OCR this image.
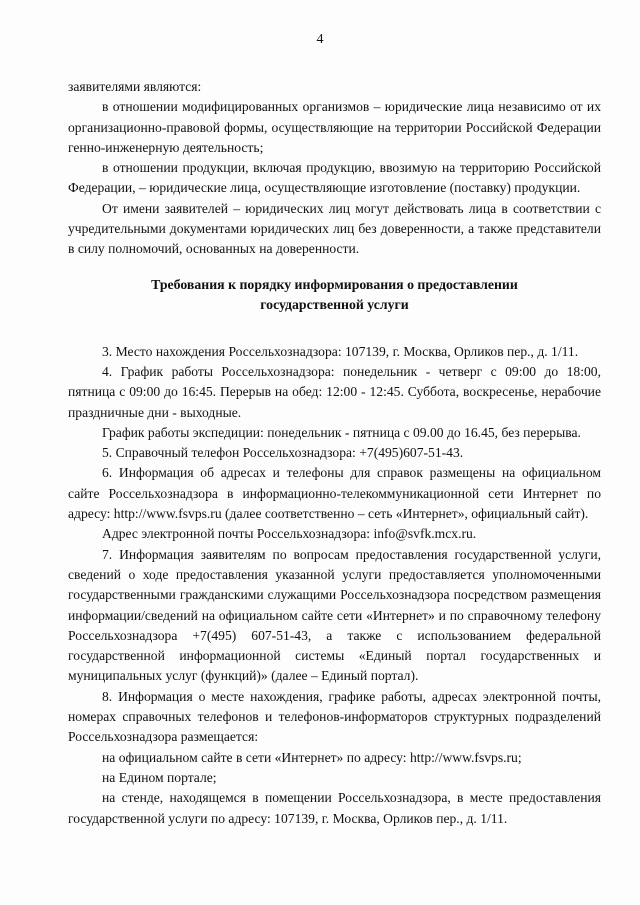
4

заявителями являются:

в отношении модифицированных организмов – юридические лица независимо от их организационно-правовой формы, осуществляющие на территории Российской Федерации генно-инженерную деятельность;

в отношении продукции, включая продукцию, ввозимую на территорию Российской Федерации, – юридические лица, осуществляющие изготовление (поставку) продукции.

От имени заявителей – юридических лиц могут действовать лица в соответствии с учредительными документами юридических лиц без доверенности, а также представители в силу полномочий, основанных на доверенности.

Требования к порядку информирования о предоставлении
государственной услуги

3. Место нахождения Россельхознадзора: 107139, г. Москва, Орликов пер., д. 1/11.

4. График работы Россельхознадзора: понедельник - четверг с 09:00 до 18:00, пятница с 09:00 до 16:45. Перерыв на обед: 12:00 - 12:45. Суббота, воскресенье, нерабочие праздничные дни - выходные.

График работы экспедиции: понедельник - пятница с 09.00 до 16.45, без перерыва.

5. Справочный телефон Россельхознадзора: +7(495)607-51-43.

6. Информация об адресах и телефоны для справок размещены на официальном сайте Россельхознадзора в информационно-телекоммуникационной сети Интернет по адресу: http://www.fsvps.ru (далее соответственно – сеть «Интернет», официальный сайт).

Адрес электронной почты Россельхознадзора: info@svfk.mcx.ru.

7. Информация заявителям по вопросам предоставления государственной услуги, сведений о ходе предоставления указанной услуги предоставляется уполномоченными государственными гражданскими служащими Россельхознадзора посредством размещения информации/сведений на официальном сайте сети «Интернет» и по справочному телефону Россельхознадзора +7(495) 607-51-43, а также с использованием федеральной государственной информационной системы «Единый портал государственных и муниципальных услуг (функций)» (далее – Единый портал).

8. Информация о месте нахождения, графике работы, адресах электронной почты, номерах справочных телефонов и телефонов-информаторов структурных подразделений Россельхознадзора размещается:

на официальном сайте в сети «Интернет» по адресу: http://www.fsvps.ru;

на Едином портале;

на стенде, находящемся в помещении Россельхознадзора, в месте предоставления государственной услуги по адресу: 107139, г. Москва, Орликов пер., д. 1/11.
